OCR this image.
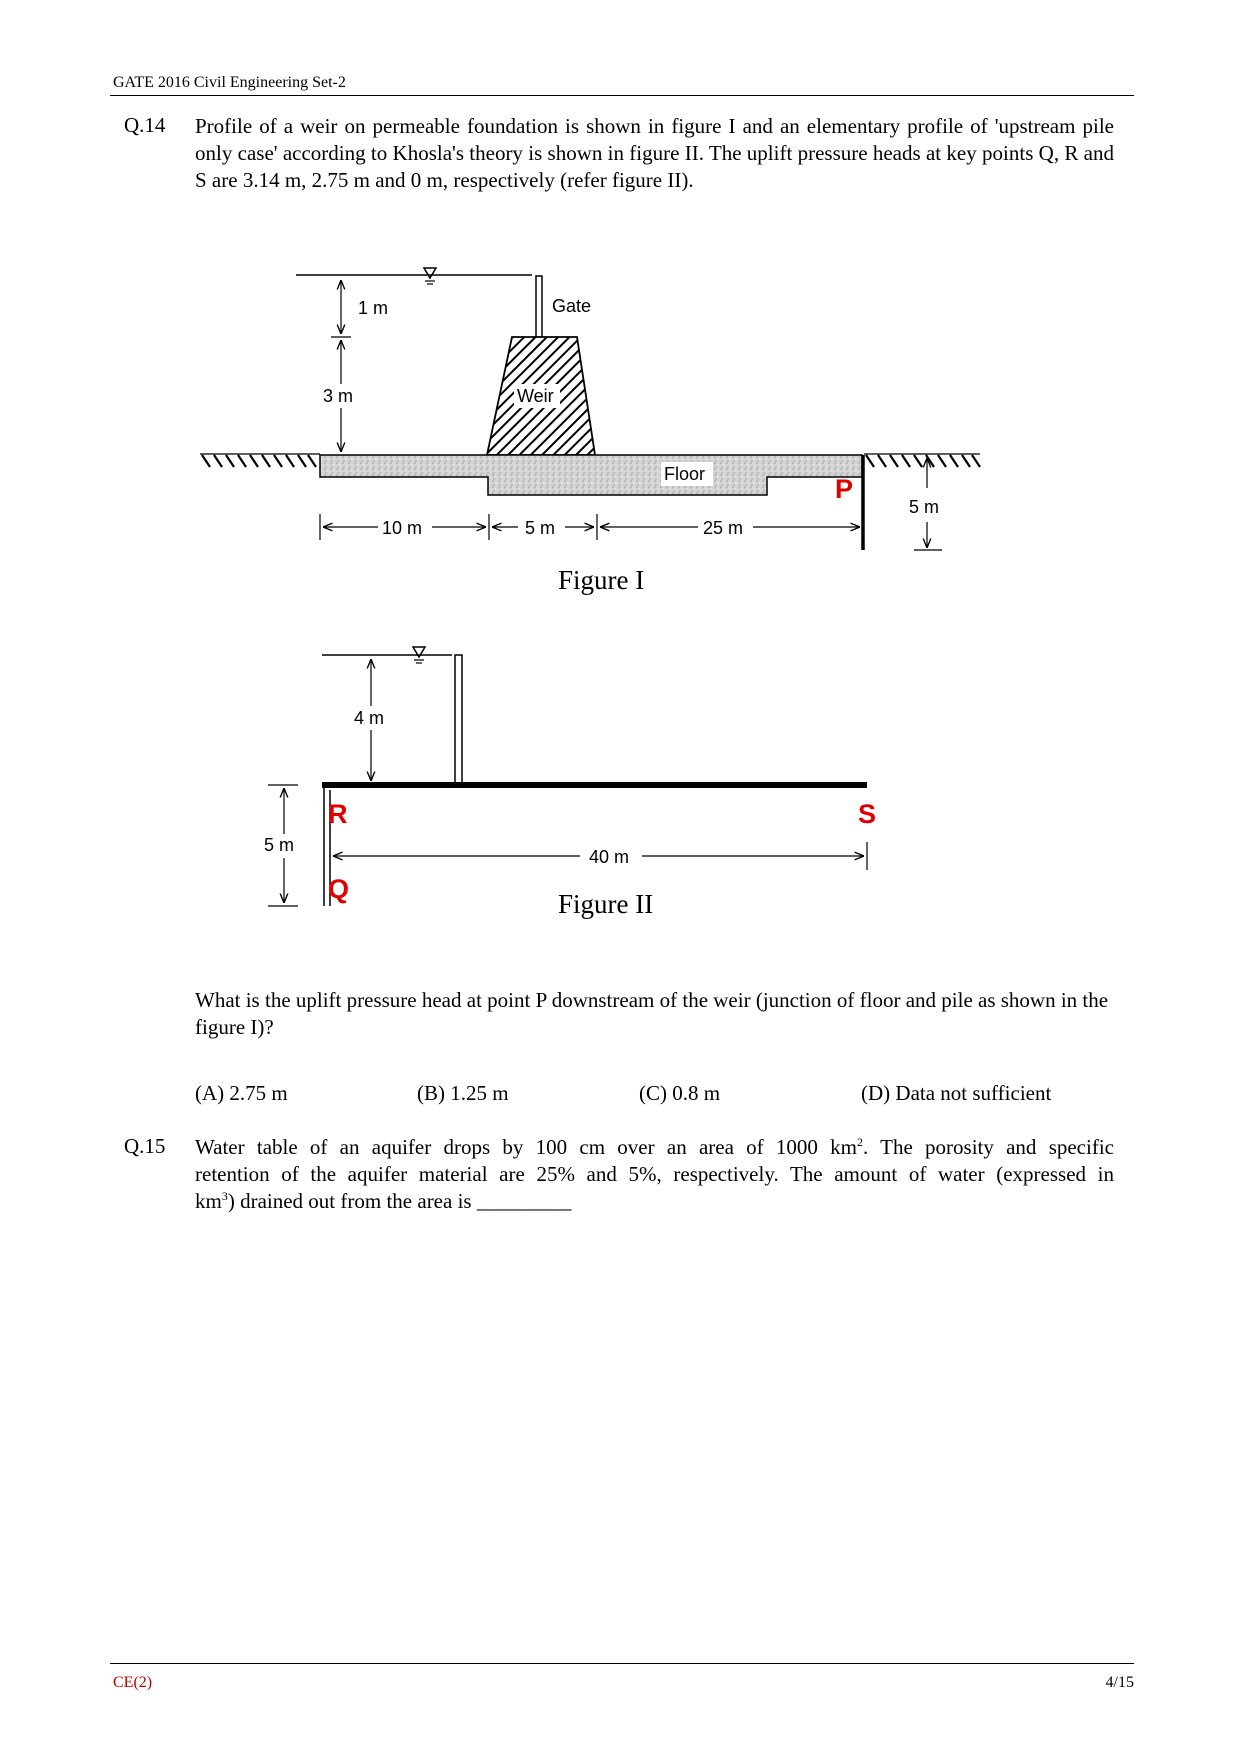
GATE 2016 Civil Engineering Set-2
Q.14 Profile of a weir on permeable foundation is shown in figure I and an elementary profile of 'upstream pile only case' according to Khosla's theory is shown in figure II. The uplift pressure heads at key points Q, R and S are 3.14 m, 2.75 m and 0 m, respectively (refer figure II).
Gate
Weir
Floor	P
1 m
3 m
5 m
10 m	5 m	25 m
4 m
R	S
Q
5 m
40 m
Figure I
Figure II
What is the uplift pressure head at point P downstream of the weir (junction of floor and pile as shown in the figure I)?
(A) 2.75 m	(B) 1.25 m	(C) 0.8 m	(D) Data not sufficient
Q.15 Water table of an aquifer drops by 100 cm over an area of 1000 $km^2$. The porosity and specific
retention of the aquifer material are 25% and 5%, respectively. The amount of water (expressed in
$km^3$) drained out from the area is _________
CE(2)	4/15
